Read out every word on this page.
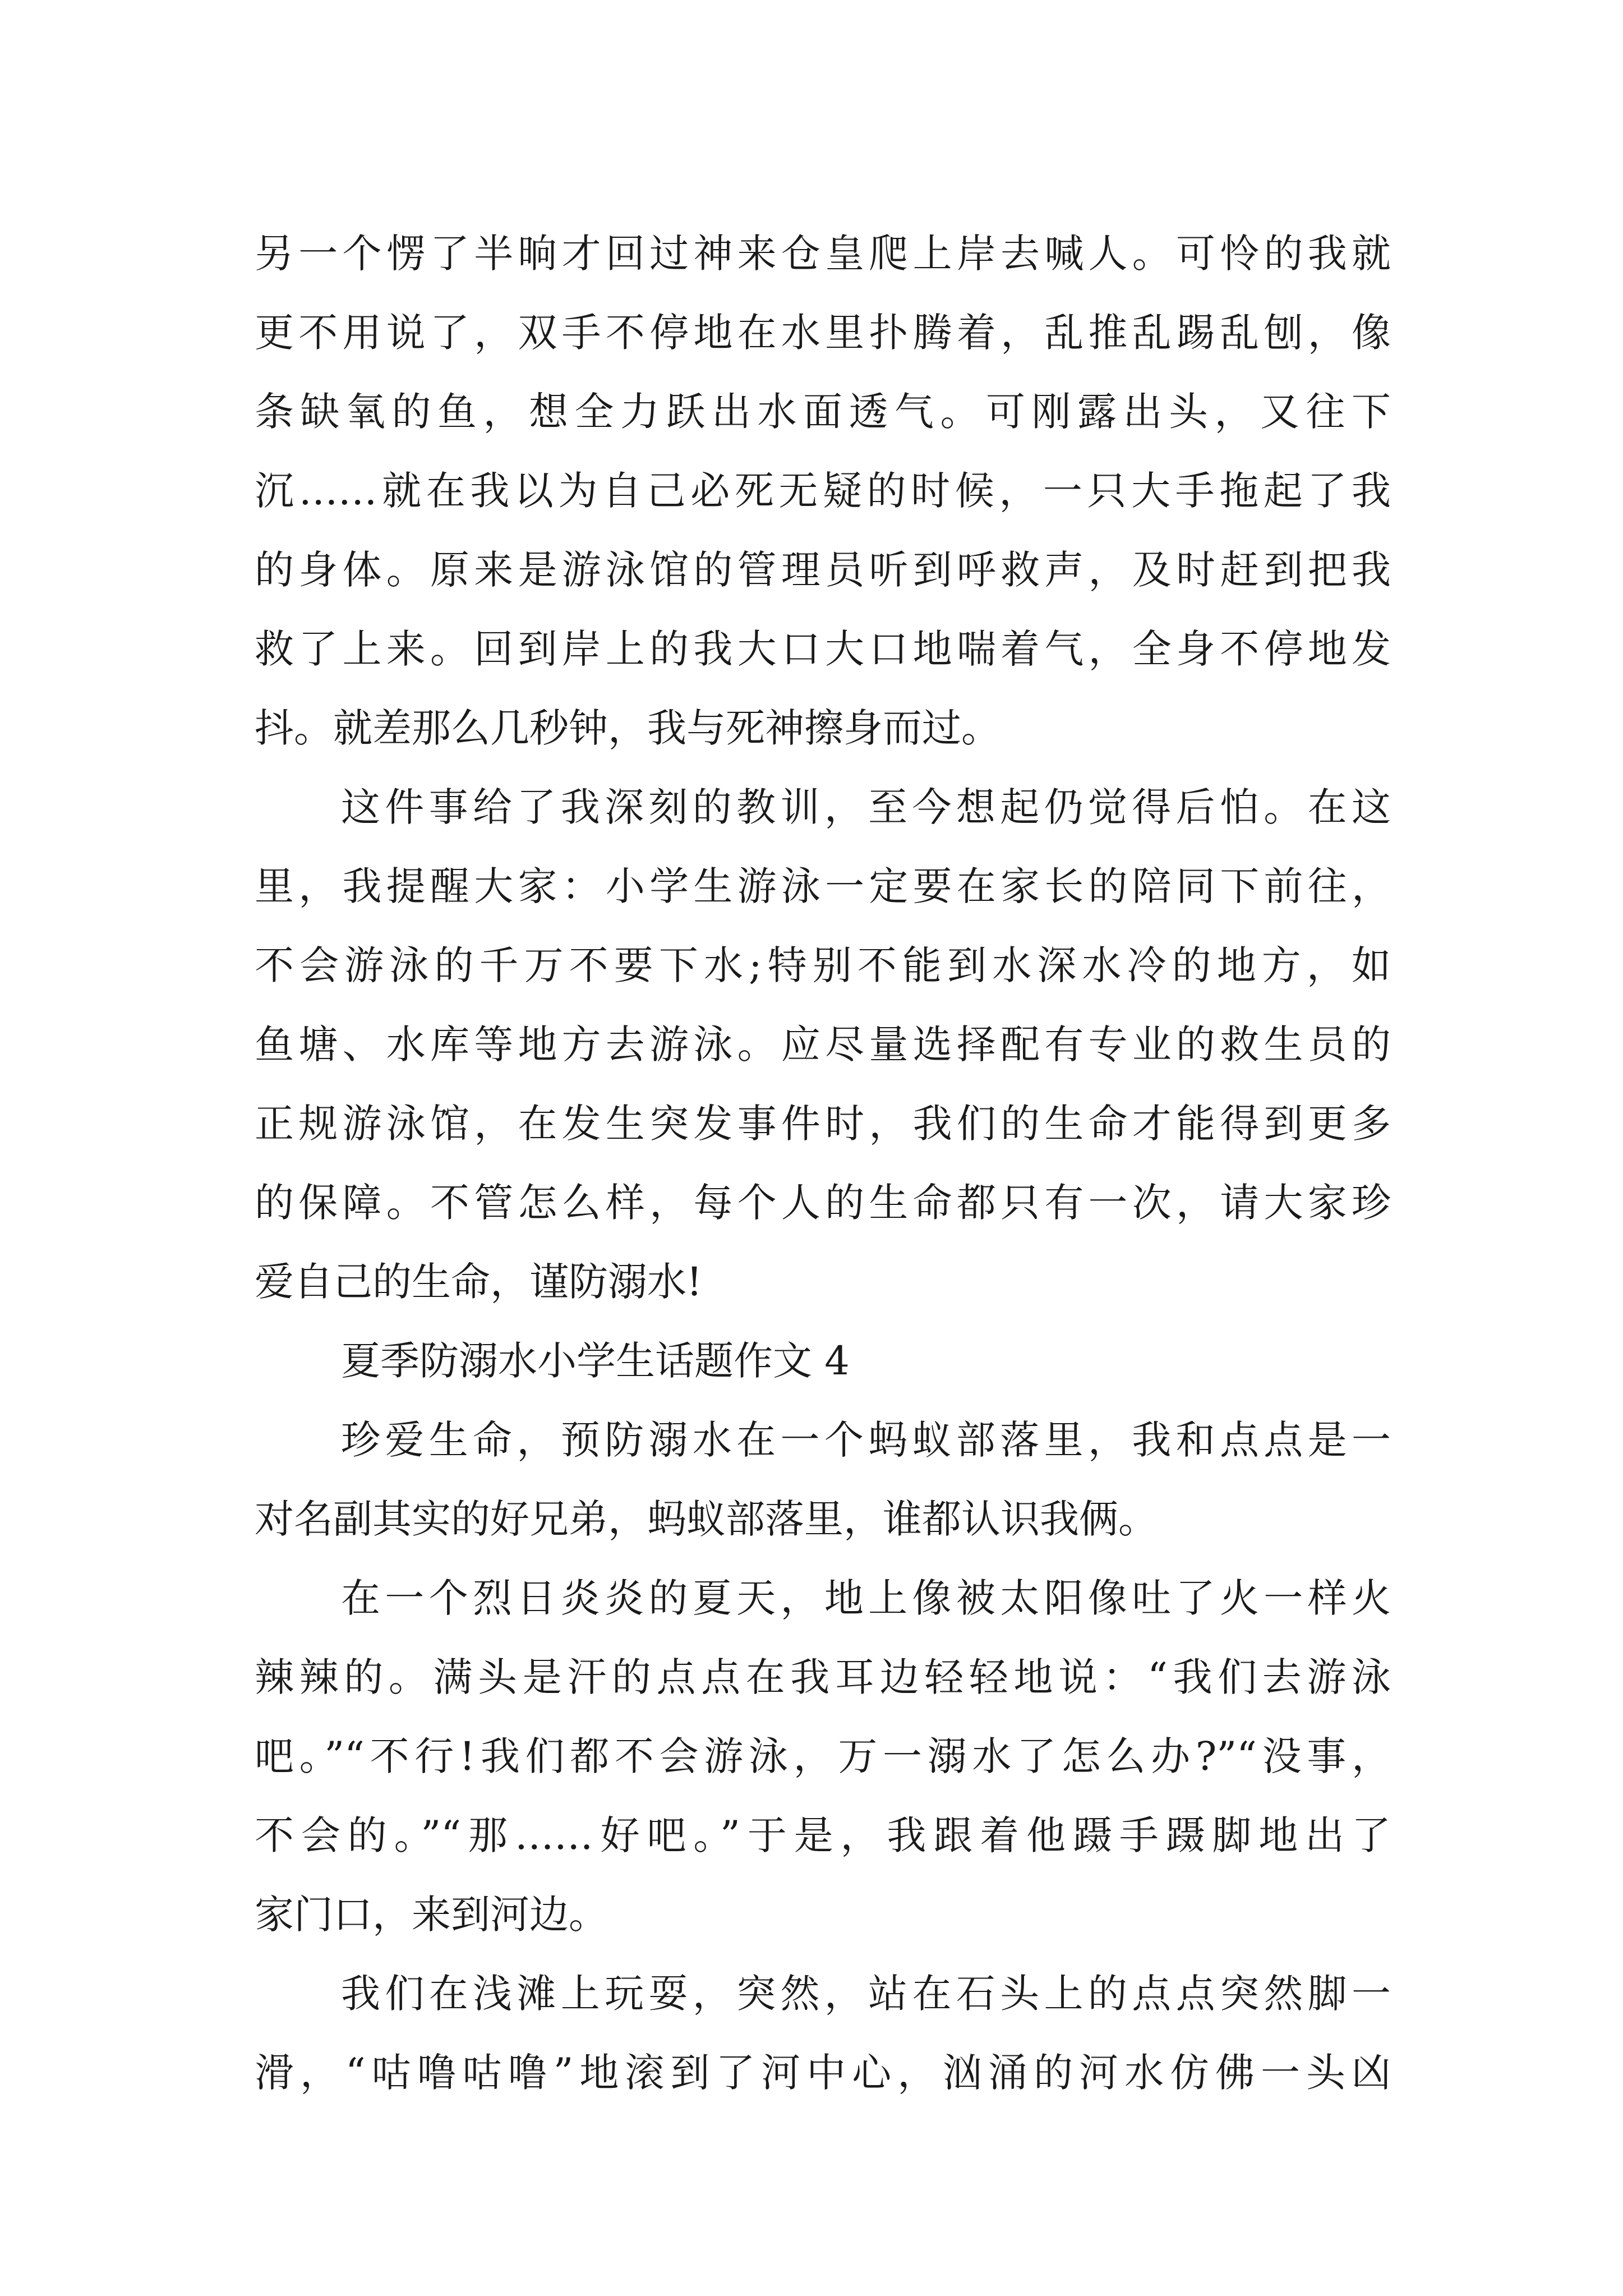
另一个愣了半晌才回过神来仓皇爬上岸去喊人。可怜的我就
更不用说了，双手不停地在水里扑腾着，乱推乱踢乱刨，像
条缺氧的鱼，想全力跃出水面透气。可刚露出头，又往下
沉……就在我以为自己必死无疑的时候，一只大手拖起了我
的身体。原来是游泳馆的管理员听到呼救声，及时赶到把我
救了上来。回到岸上的我大口大口地喘着气，全身不停地发
抖。就差那么几秒钟，我与死神擦身而过。
这件事给了我深刻的教训，至今想起仍觉得后怕。在这
里，我提醒大家：小学生游泳一定要在家长的陪同下前往，
不会游泳的千万不要下水;特别不能到水深水冷的地方，如
鱼塘、水库等地方去游泳。应尽量选择配有专业的救生员的
正规游泳馆，在发生突发事件时，我们的生命才能得到更多
的保障。不管怎么样，每个人的生命都只有一次，请大家珍
爱自己的生命，谨防溺水!
夏季防溺水小学生话题作文 4
珍爱生命，预防溺水在一个蚂蚁部落里，我和点点是一
对名副其实的好兄弟，蚂蚁部落里，谁都认识我俩。
在一个烈日炎炎的夏天，地上像被太阳像吐了火一样火
辣辣的。满头是汗的点点在我耳边轻轻地说：“我们去游泳
吧。”“不行!我们都不会游泳，万一溺水了怎么办?”“没事，
不会的。”“那……好吧。”于是，我跟着他蹑手蹑脚地出了
家门口，来到河边。
我们在浅滩上玩耍，突然，站在石头上的点点突然脚一
滑，“咕噜咕噜”地滚到了河中心，汹涌的河水仿佛一头凶
